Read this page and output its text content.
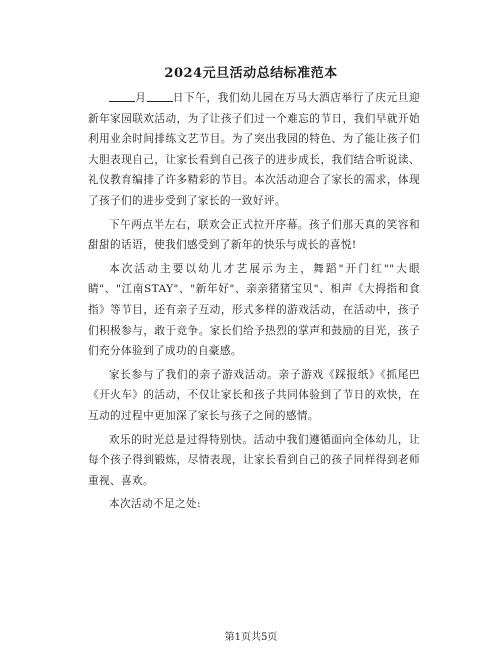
2024元旦活动总结标准范本

月 日下午，我们幼儿园在万马大酒店举行了庆元旦迎新年家园联欢活动，为了让孩子们过一个难忘的节日，我们早就开始利用业余时间排练文艺节目。为了突出我园的特色、为了能让孩子们大胆表现自己，让家长看到自己孩子的进步成长，我们结合听说读、礼仪教育编排了许多精彩的节目。本次活动迎合了家长的需求，体现了孩子们的进步受到了家长的一致好评。

下午两点半左右，联欢会正式拉开序幕。孩子们那天真的笑容和甜甜的话语，使我们感受到了新年的快乐与成长的喜悦!

本次活动主要以幼儿才艺展示为主，舞蹈"开门红""大眼睛"、"江南STAY"、"新年好"、亲亲猪猪宝贝"、相声《大拇指和食指》等节目，还有亲子互动，形式多样的游戏活动，在活动中，孩子们积极参与，敢于竞争。家长们给予热烈的掌声和鼓励的目光，孩子们充分体验到了成功的自豪感。

家长参与了我们的亲子游戏活动。亲子游戏《踩报纸》《抓尾巴《开火车》的活动，不仅让家长和孩子共同体验到了节日的欢快，在互动的过程中更加深了家长与孩子之间的感情。

欢乐的时光总是过得特别快。活动中我们遵循面向全体幼儿，让每个孩子得到锻炼，尽情表现，让家长看到自己的孩子同样得到老师重视、喜欢。

本次活动不足之处:

第1页共5页
